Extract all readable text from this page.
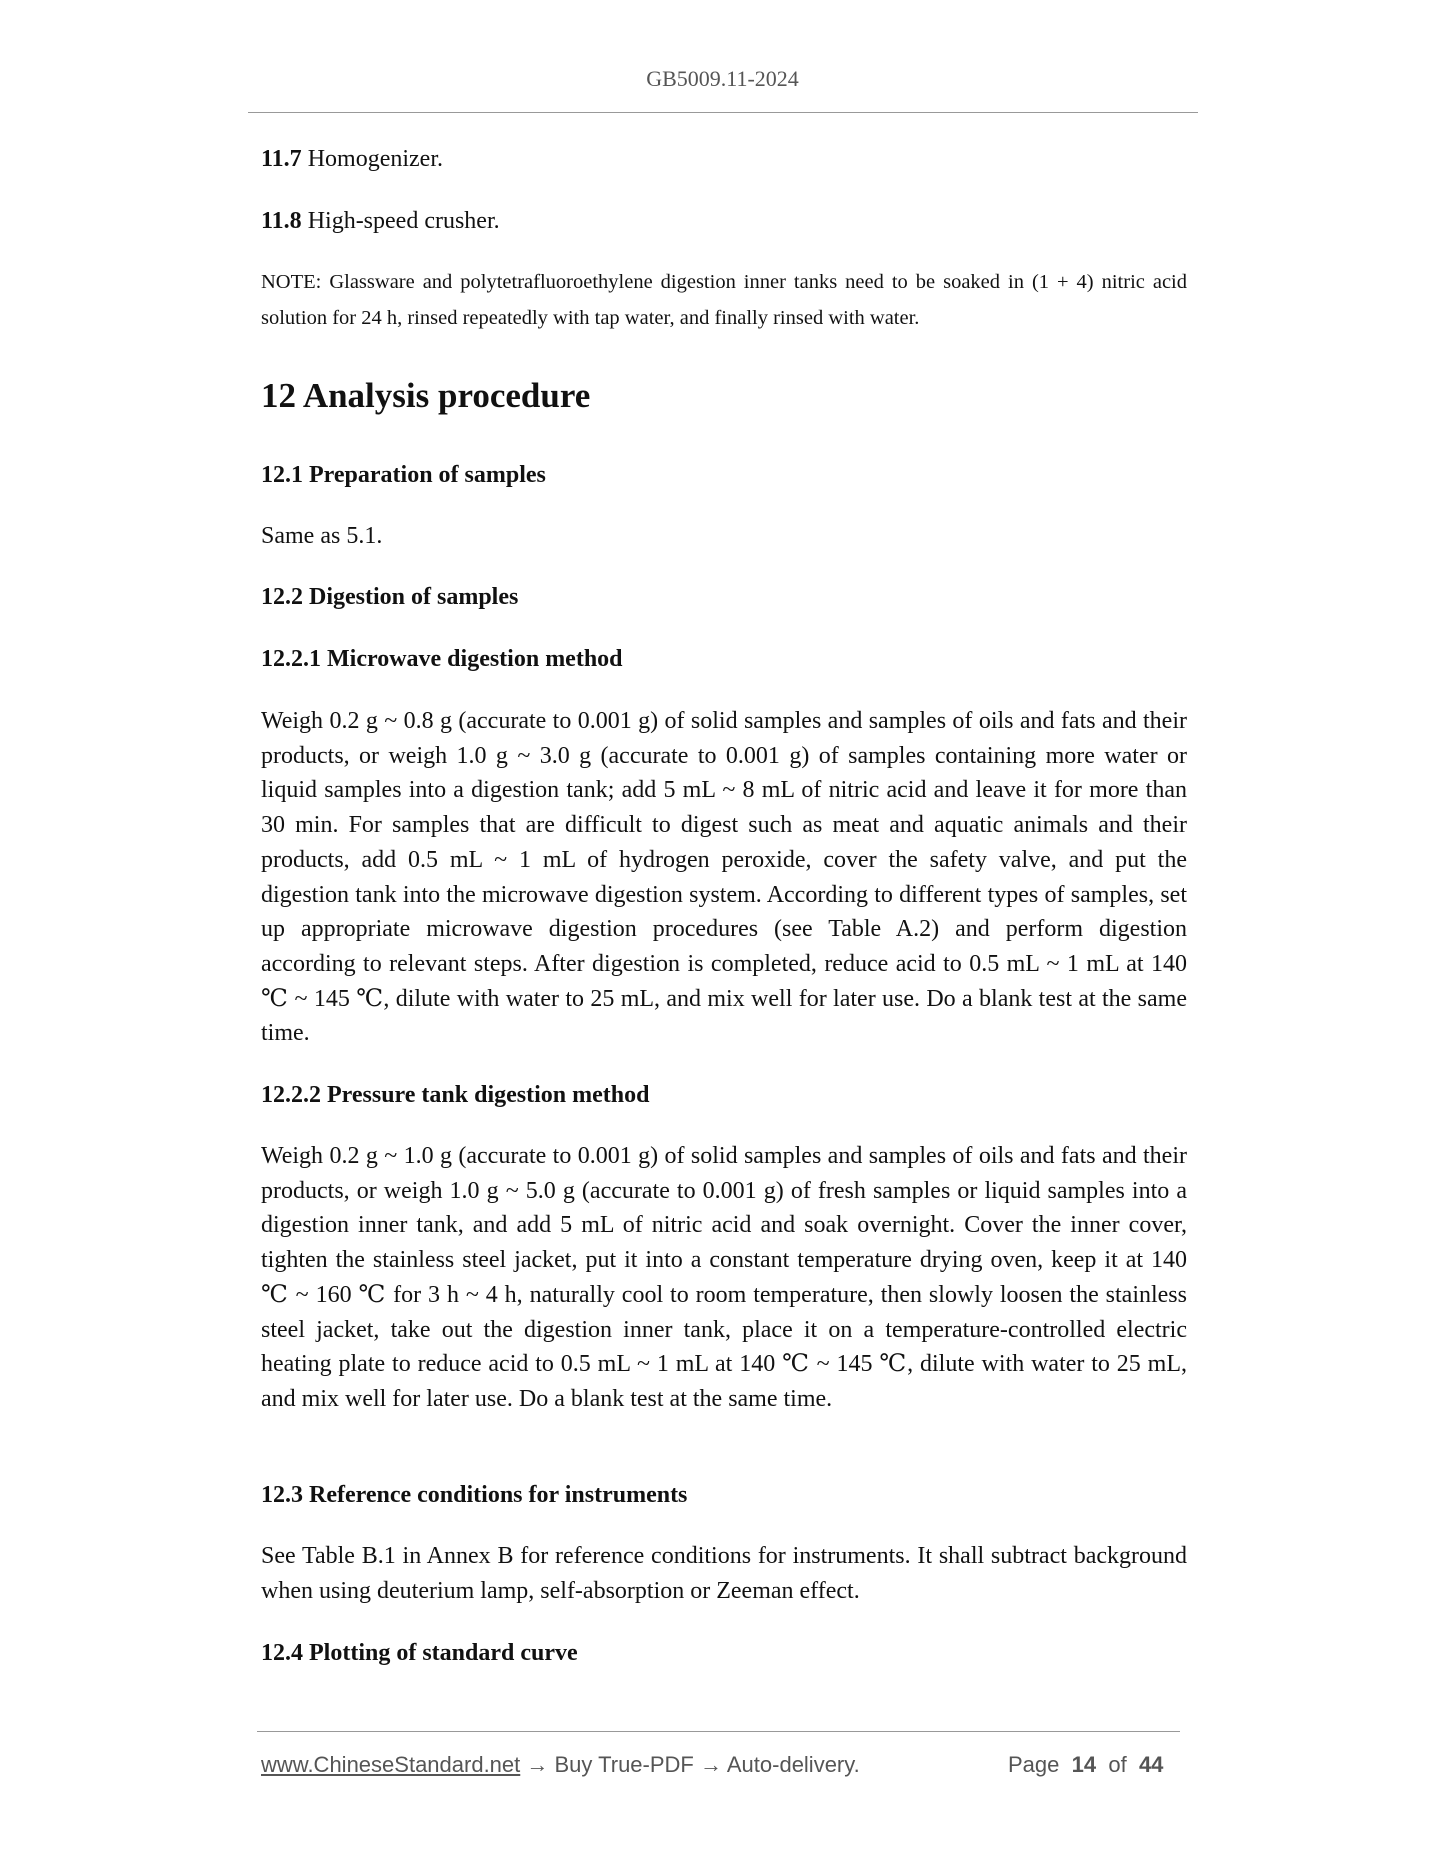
GB5009.11-2024
11.7 Homogenizer.
11.8 High-speed crusher.
NOTE: Glassware and polytetrafluoroethylene digestion inner tanks need to be soaked in (1 + 4) nitric acid solution for 24 h, rinsed repeatedly with tap water, and finally rinsed with water.
12 Analysis procedure
12.1 Preparation of samples
Same as 5.1.
12.2 Digestion of samples
12.2.1 Microwave digestion method
Weigh 0.2 g ~ 0.8 g (accurate to 0.001 g) of solid samples and samples of oils and fats and their products, or weigh 1.0 g ~ 3.0 g (accurate to 0.001 g) of samples containing more water or liquid samples into a digestion tank; add 5 mL ~ 8 mL of nitric acid and leave it for more than 30 min. For samples that are difficult to digest such as meat and aquatic animals and their products, add 0.5 mL ~ 1 mL of hydrogen peroxide, cover the safety valve, and put the digestion tank into the microwave digestion system. According to different types of samples, set up appropriate microwave digestion procedures (see Table A.2) and perform digestion according to relevant steps. After digestion is completed, reduce acid to 0.5 mL ~ 1 mL at 140 ℃ ~ 145 ℃, dilute with water to 25 mL, and mix well for later use. Do a blank test at the same time.
12.2.2 Pressure tank digestion method
Weigh 0.2 g ~ 1.0 g (accurate to 0.001 g) of solid samples and samples of oils and fats and their products, or weigh 1.0 g ~ 5.0 g (accurate to 0.001 g) of fresh samples or liquid samples into a digestion inner tank, and add 5 mL of nitric acid and soak overnight. Cover the inner cover, tighten the stainless steel jacket, put it into a constant temperature drying oven, keep it at 140 ℃ ~ 160 ℃ for 3 h ~ 4 h, naturally cool to room temperature, then slowly loosen the stainless steel jacket, take out the digestion inner tank, place it on a temperature-controlled electric heating plate to reduce acid to 0.5 mL ~ 1 mL at 140 ℃ ~ 145 ℃, dilute with water to 25 mL, and mix well for later use. Do a blank test at the same time.
12.3 Reference conditions for instruments
See Table B.1 in Annex B for reference conditions for instruments. It shall subtract background when using deuterium lamp, self-absorption or Zeeman effect.
12.4 Plotting of standard curve
www.ChineseStandard.net → Buy True-PDF → Auto-delivery.	Page 14 of 44
